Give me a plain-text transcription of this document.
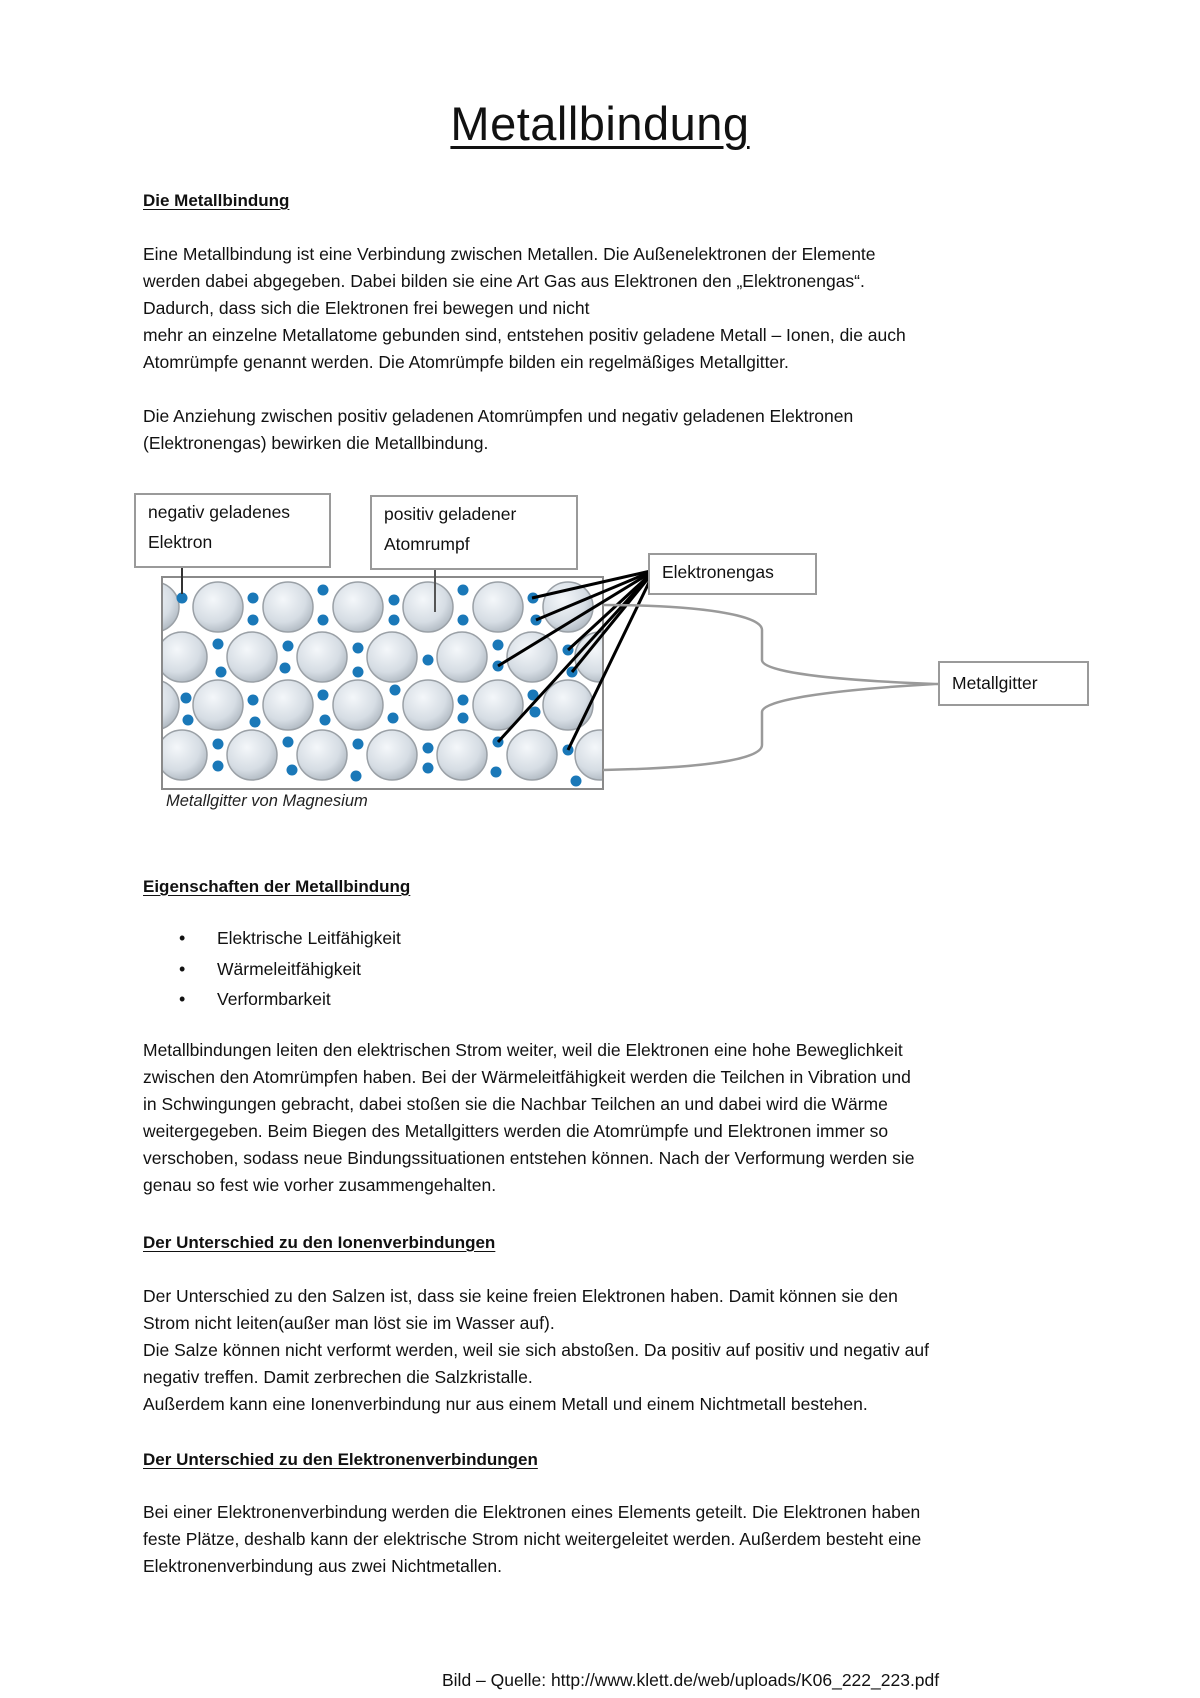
Metallbindung
Die Metallbindung
Eine Metallbindung ist eine Verbindung zwischen Metallen. Die Außenelektronen der Elemente
werden dabei abgegeben. Dabei bilden sie eine Art Gas aus Elektronen den „Elektronengas“.
Dadurch, dass sich die Elektronen frei bewegen und nicht
mehr an einzelne Metallatome gebunden sind, entstehen positiv geladene Metall – Ionen, die auch
Atomrümpfe genannt werden. Die Atomrümpfe bilden ein regelmäßiges Metallgitter.
Die Anziehung zwischen positiv geladenen Atomrümpfen und negativ geladenen Elektronen
(Elektronengas) bewirken die Metallbindung.
negativ geladenes
Elektron
positiv geladener
Atomrumpf
Elektronengas
Metallgitter
Metallgitter von Magnesium
Eigenschaften der Metallbindung
• Elektrische Leitfähigkeit
• Wärmeleitfähigkeit
• Verformbarkeit
Metallbindungen leiten den elektrischen Strom weiter, weil die Elektronen eine hohe Beweglichkeit
zwischen den Atomrümpfen haben. Bei der Wärmeleitfähigkeit werden die Teilchen in Vibration und
in Schwingungen gebracht, dabei stoßen sie die Nachbar Teilchen an und dabei wird die Wärme
weitergegeben. Beim Biegen des Metallgitters werden die Atomrümpfe und Elektronen immer so
verschoben, sodass neue Bindungssituationen entstehen können. Nach der Verformung werden sie
genau so fest wie vorher zusammengehalten.
Der Unterschied zu den Ionenverbindungen
Der Unterschied zu den Salzen ist, dass sie keine freien Elektronen haben. Damit können sie den
Strom nicht leiten(außer man löst sie im Wasser auf).
Die Salze können nicht verformt werden, weil sie sich abstoßen. Da positiv auf positiv und negativ auf
negativ treffen. Damit zerbrechen die Salzkristalle.
Außerdem kann eine Ionenverbindung nur aus einem Metall und einem Nichtmetall bestehen.
Der Unterschied zu den Elektronenverbindungen
Bei einer Elektronenverbindung werden die Elektronen eines Elements geteilt. Die Elektronen haben
feste Plätze, deshalb kann der elektrische Strom nicht weitergeleitet werden. Außerdem besteht eine
Elektronenverbindung aus zwei Nichtmetallen.
Bild – Quelle: http://www.klett.de/web/uploads/K06_222_223.pdf
